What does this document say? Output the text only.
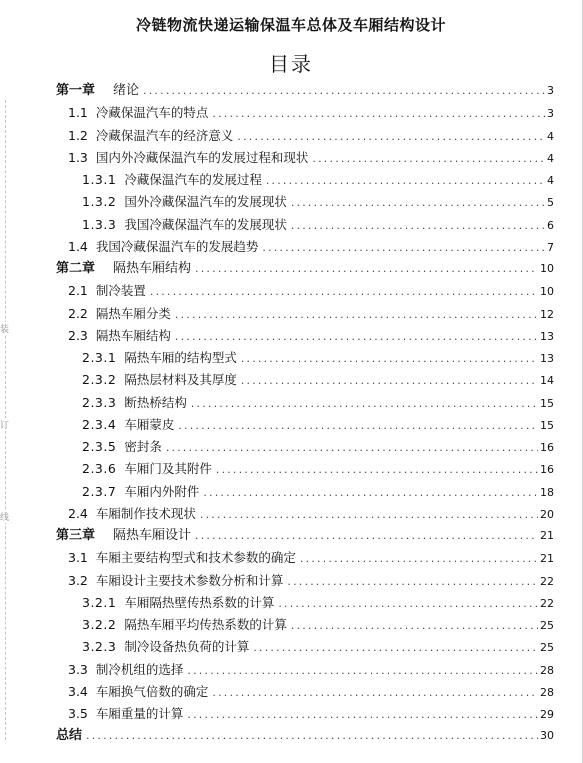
装
订
线
冷链物流快递运输保温车总体及车厢结构设计
目录
第一章 绪论 .....	3
1.1 冷藏保温汽车的特点 .....	3
1.2 冷藏保温汽车的经济意义 .....	4
1.3 国内外冷藏保温汽车的发展过程和现状 .....	4
1.3.1 冷藏保温汽车的发展过程 .....	4
1.3.2 国外冷藏保温汽车的发展现状 .....	5
1.3.3 我国冷藏保温汽车的发展现状 .....	6
1.4 我国冷藏保温汽车的发展趋势 .....	7
第二章 隔热车厢结构 .....	10
2.1 制冷装置 .....	10
2.2 隔热车厢分类 .....	12
2.3 隔热车厢结构 .....	13
2.3.1 隔热车厢的结构型式 .....	13
2.3.2 隔热层材料及其厚度 .....	14
2.3.3 断热桥结构 .....	15
2.3.4 车厢蒙皮 .....	15
2.3.5 密封条 .....	16
2.3.6 车厢门及其附件 .....	16
2.3.7 车厢内外附件 .....	18
2.4 车厢制作技术现状 .....	20
第三章 隔热车厢设计 .....	21
3.1 车厢主要结构型式和技术参数的确定 .....	21
3.2 车厢设计主要技术参数分析和计算 .....	22
3.2.1 车厢隔热壁传热系数的计算 .....	22
3.2.2 隔热车厢平均传热系数的计算 .....	25
3.2.3 制冷设备热负荷的计算 .....	25
3.3 制冷机组的选择 .....	28
3.4 车厢换气倍数的确定 .....	28
3.5 车厢重量的计算 .....	29
总结 .....	30
